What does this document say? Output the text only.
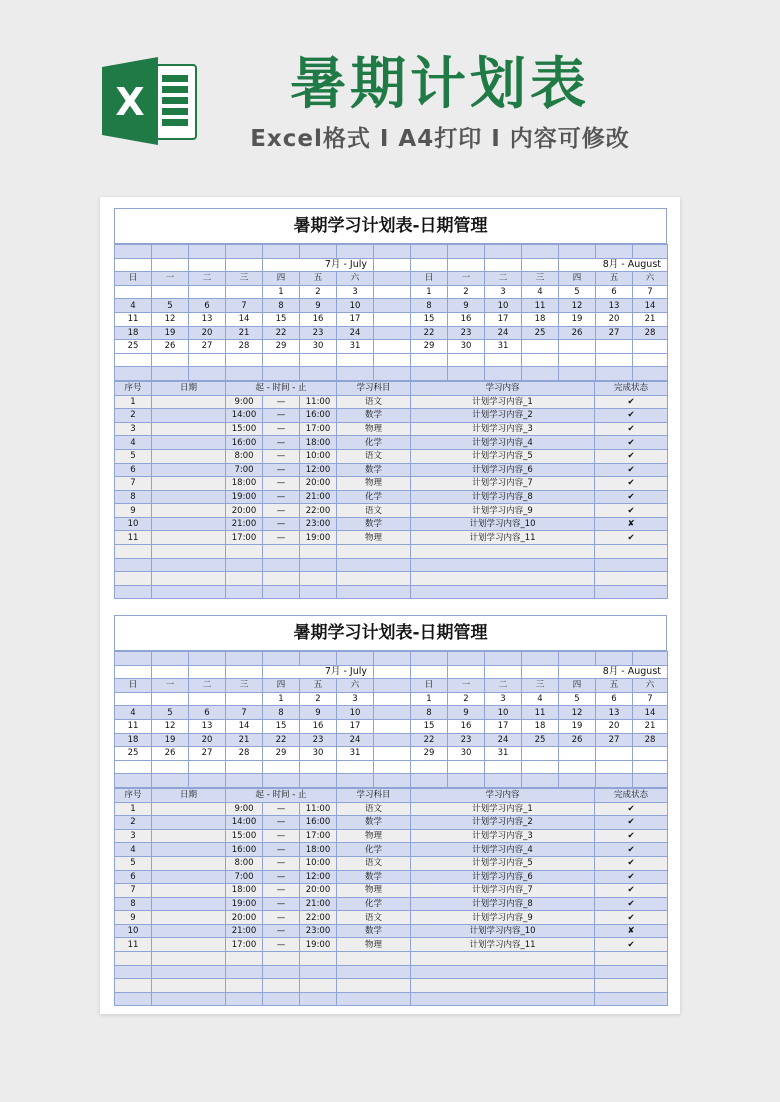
X	暑期计划表
Excel格式 I A4打印 I 内容可修改
暑期学习计划表-日期管理

				7月 - July								8月 - August		
日	一	二	三	四	五	六		日	一	二	三	四	五	六
				1	2	3		1	2	3	4	5	6	7
4	5	6	7	8	9	10		8	9	10	11	12	13	14
11	12	13	14	15	16	17		15	16	17	18	19	20	21
18	19	20	21	22	23	24		22	23	24	25	26	27	28
25	26	27	28	29	30	31		29	30	31				

序号	日期	起 - 时间 - 止			学习科目	学习内容	完成状态
1		9:00	—	11:00	语文	计划学习内容_1	✔
2		14:00	—	16:00	数学	计划学习内容_2	✔
3		15:00	—	17:00	物理	计划学习内容_3	✔
4		16:00	—	18:00	化学	计划学习内容_4	✔
5		8:00	—	10:00	语文	计划学习内容_5	✔
6		7:00	—	12:00	数学	计划学习内容_6	✔
7		18:00	—	20:00	物理	计划学习内容_7	✔
8		19:00	—	21:00	化学	计划学习内容_8	✔
9		20:00	—	22:00	语文	计划学习内容_9	✔
10		21:00	—	23:00	数学	计划学习内容_10	✘
11		17:00	—	19:00	物理	计划学习内容_11	✔

暑期学习计划表-日期管理

				7月 - July								8月 - August		
日	一	二	三	四	五	六		日	一	二	三	四	五	六
				1	2	3		1	2	3	4	5	6	7
4	5	6	7	8	9	10		8	9	10	11	12	13	14
11	12	13	14	15	16	17		15	16	17	18	19	20	21
18	19	20	21	22	23	24		22	23	24	25	26	27	28
25	26	27	28	29	30	31		29	30	31				

序号	日期	起 - 时间 - 止			学习科目	学习内容	完成状态
1		9:00	—	11:00	语文	计划学习内容_1	✔
2		14:00	—	16:00	数学	计划学习内容_2	✔
3		15:00	—	17:00	物理	计划学习内容_3	✔
4		16:00	—	18:00	化学	计划学习内容_4	✔
5		8:00	—	10:00	语文	计划学习内容_5	✔
6		7:00	—	12:00	数学	计划学习内容_6	✔
7		18:00	—	20:00	物理	计划学习内容_7	✔
8		19:00	—	21:00	化学	计划学习内容_8	✔
9		20:00	—	22:00	语文	计划学习内容_9	✔
10		21:00	—	23:00	数学	计划学习内容_10	✘
11		17:00	—	19:00	物理	计划学习内容_11	✔
